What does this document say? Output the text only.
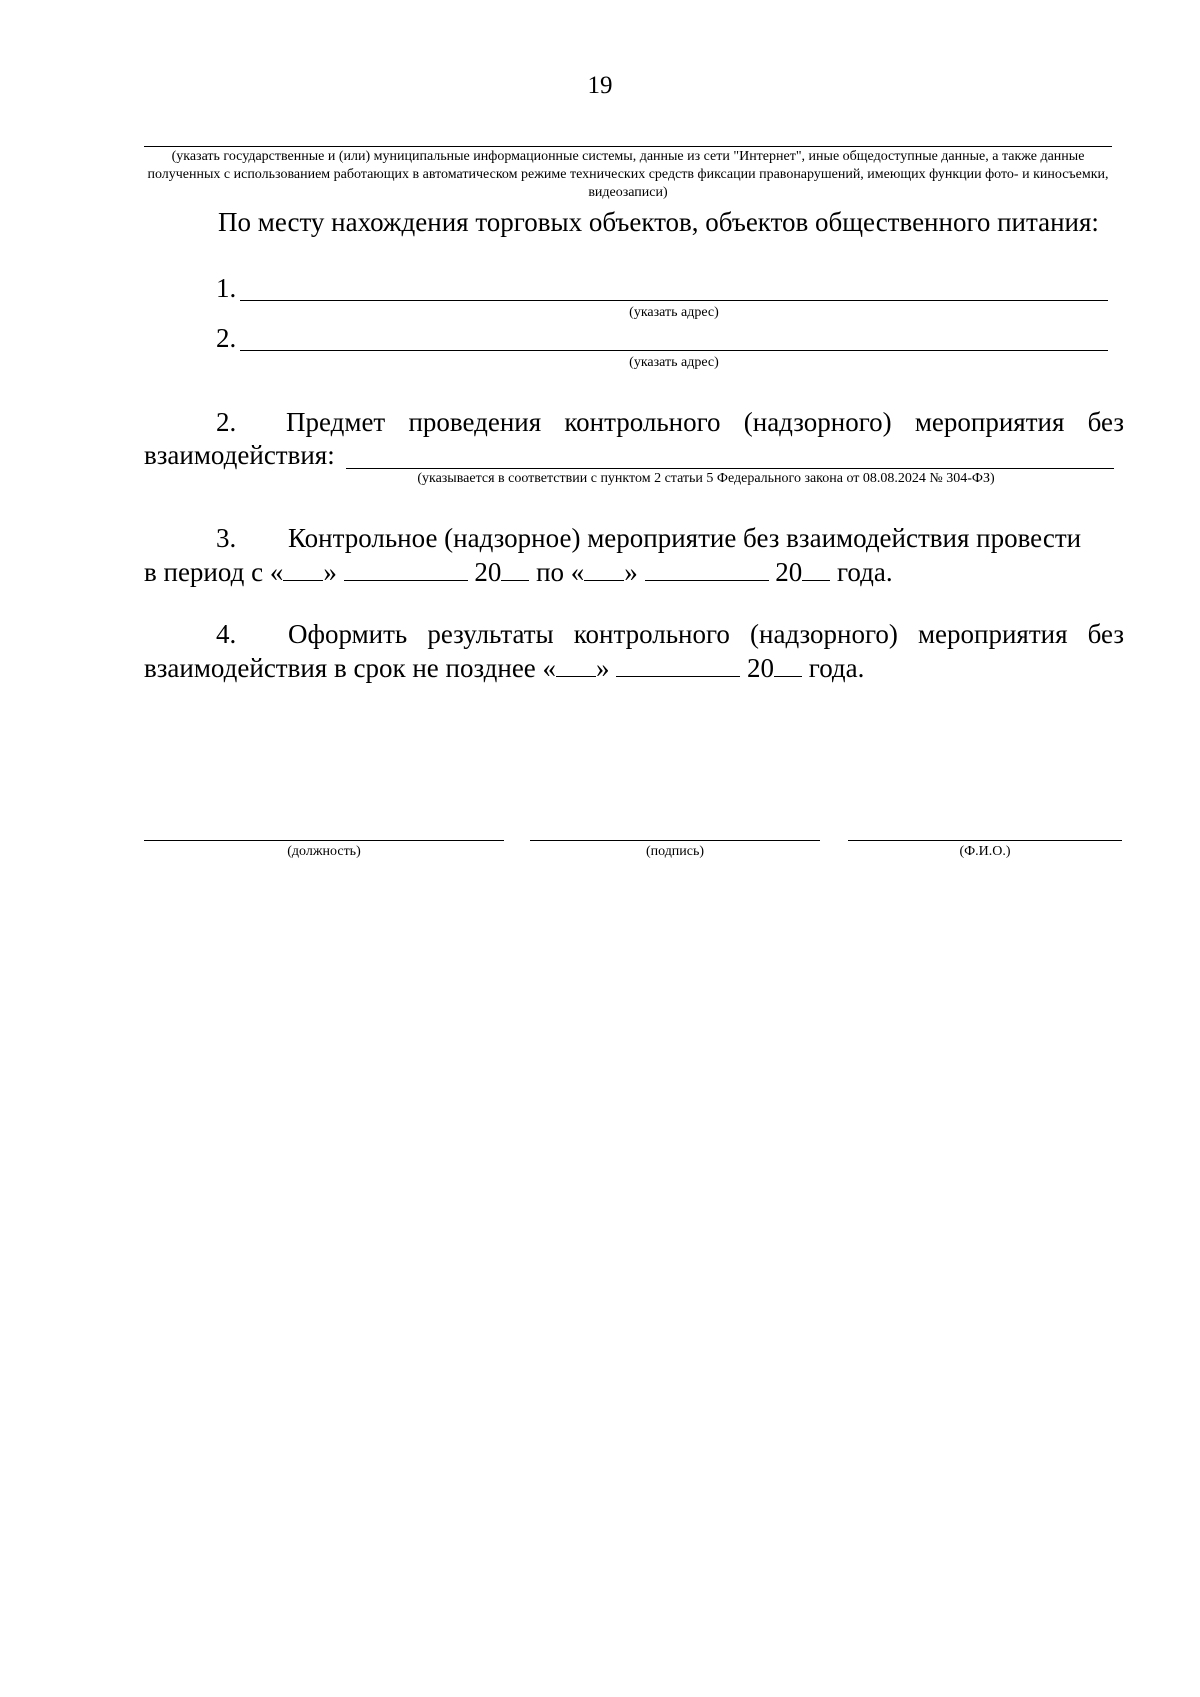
19
(указать государственные и (или) муниципальные информационные системы, данные из сети "Интернет", иные общедоступные данные, а также данные полученных с использованием работающих в автоматическом режиме технических средств фиксации правонарушений, имеющих функции фото- и киносъемки, видеозаписи)
По месту нахождения торговых объектов, объектов общественного питания:
1.
(указать адрес)
2.
(указать адрес)
2.	Предмет проведения контрольного (надзорного) мероприятия без взаимодействия:
(указывается в соответствии с пунктом 2 статьи 5 Федерального закона от 08.08.2024 № 304-ФЗ)
3. Контрольное (надзорное) мероприятие без взаимодействия провести
в период с « »	20 по « »	20 года.
4. Оформить результаты контрольного (надзорного) мероприятия без
взаимодействия в срок не позднее « »	20 года.
(должность)	(подпись)	(Ф.И.О.)
